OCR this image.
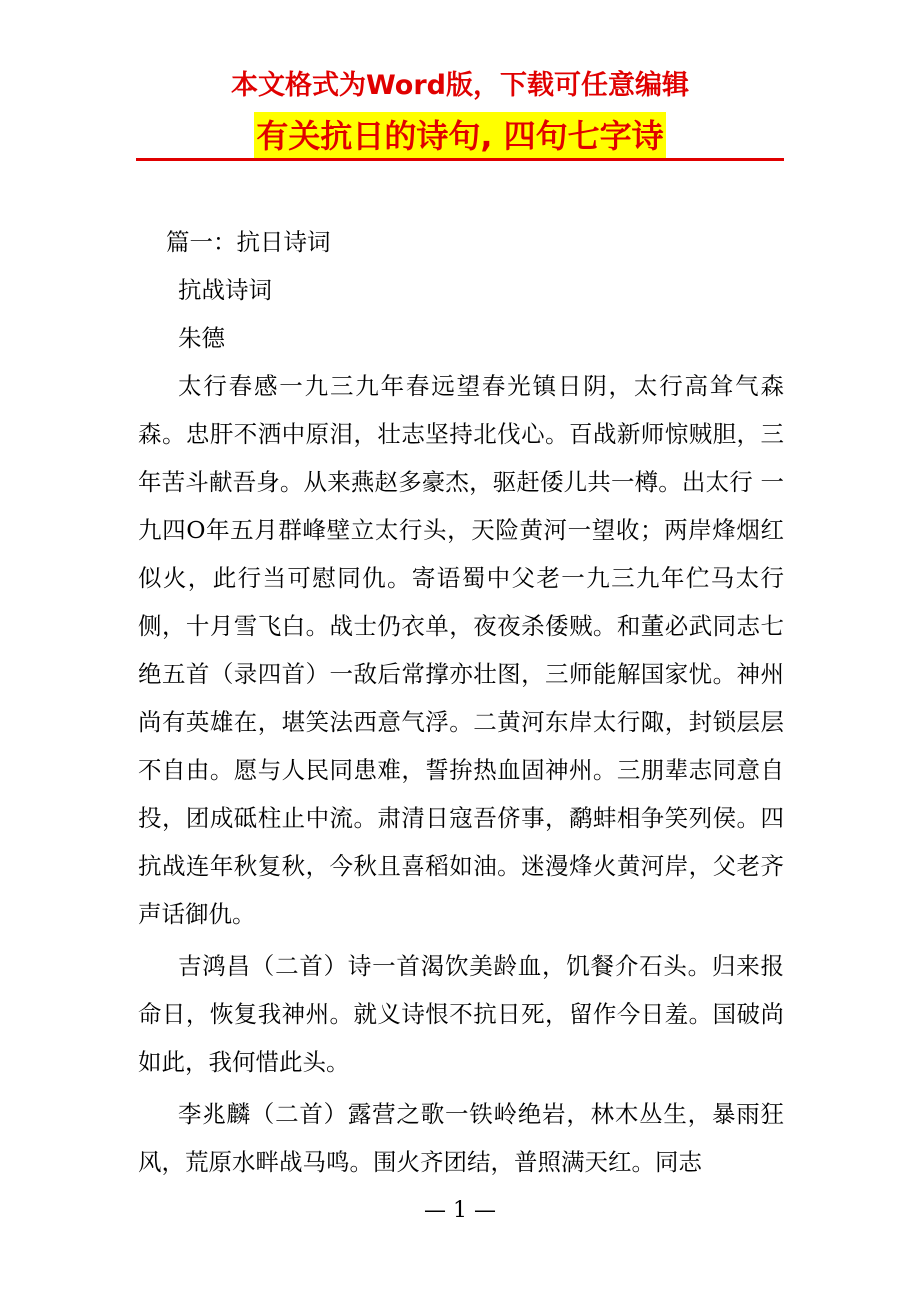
本文格式为Word版，下载可任意编辑
有关抗日的诗句, 四句七字诗

篇一：抗日诗词

抗战诗词

朱德

太行春感一九三九年春远望春光镇日阴，太行高耸气森森。忠肝不洒中原泪，壮志坚持北伐心。百战新师惊贼胆，三年苦斗献吾身。从来燕赵多豪杰，驱赶倭儿共一樽。出太行 一九四O年五月群峰壁立太行头，天险黄河一望收；两岸烽烟红似火，此行当可慰同仇。寄语蜀中父老一九三九年伫马太行侧，十月雪飞白。战士仍衣单，夜夜杀倭贼。和董必武同志七绝五首（录四首）一敌后常撑亦壮图，三师能解国家忧。神州尚有英雄在，堪笑法西意气浮。二黄河东岸太行陬，封锁层层不自由。愿与人民同患难，誓拚热血固神州。三朋辈志同意自投，团成砥柱止中流。肃清日寇吾侪事，鹬蚌相争笑列侯。四抗战连年秋复秋，今秋且喜稻如油。迷漫烽火黄河岸，父老齐声话御仇。

吉鸿昌（二首）诗一首渴饮美龄血，饥餐介石头。归来报命日，恢复我神州。就义诗恨不抗日死，留作今日羞。国破尚如此，我何惜此头。

李兆麟（二首）露营之歌一铁岭绝岩，林木丛生，暴雨狂风，荒原水畔战马鸣。围火齐团结，普照满天红。同志

— 1 —
